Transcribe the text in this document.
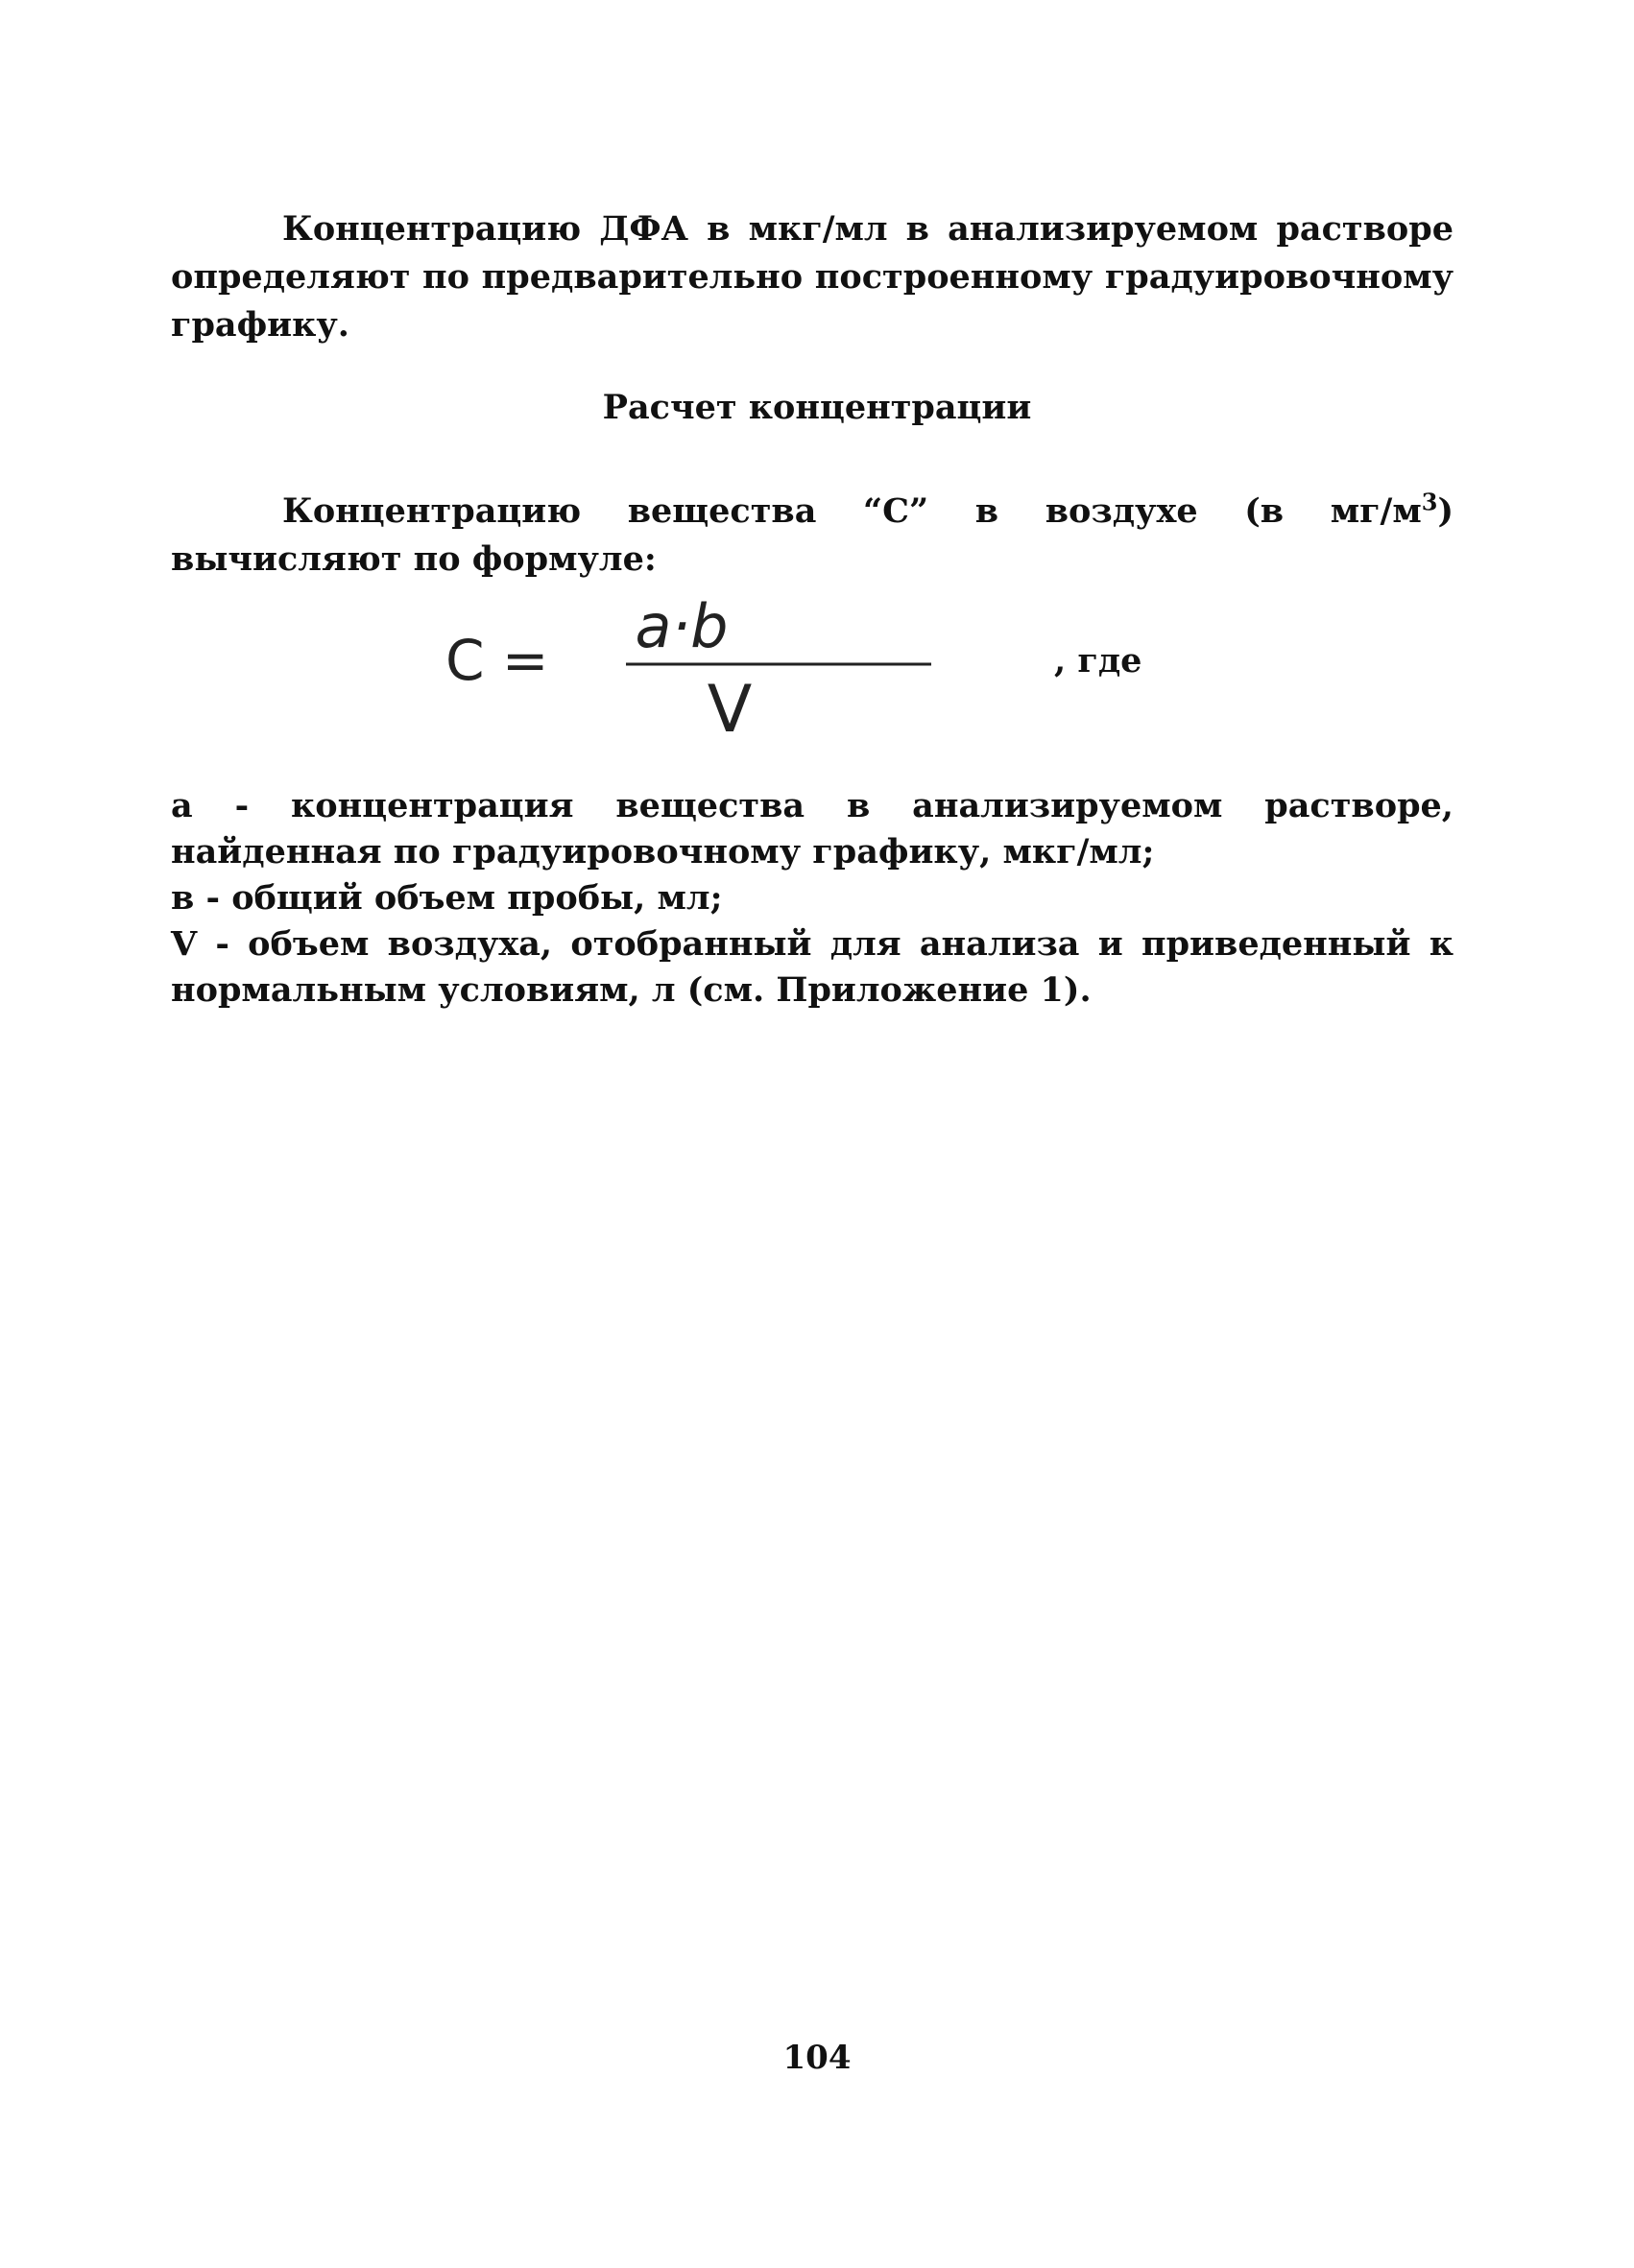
Концентрацию ДФА в мкг/мл в анализируемом растворе определяют по предварительно построенному градуировочному графику.

Расчет концентрации

Концентрацию вещества “С” в воздухе (в $мг/м^3$) вычисляют по формуле:

C = a·b
V

, где

а - концентрация вещества в анализируемом растворе, найденная по градуировочному графику, мкг/мл;
в - общий объем пробы, мл;
V - объем воздуха, отобранный для анализа и приведенный к нормальным условиям, л (см. Приложение 1).

104
